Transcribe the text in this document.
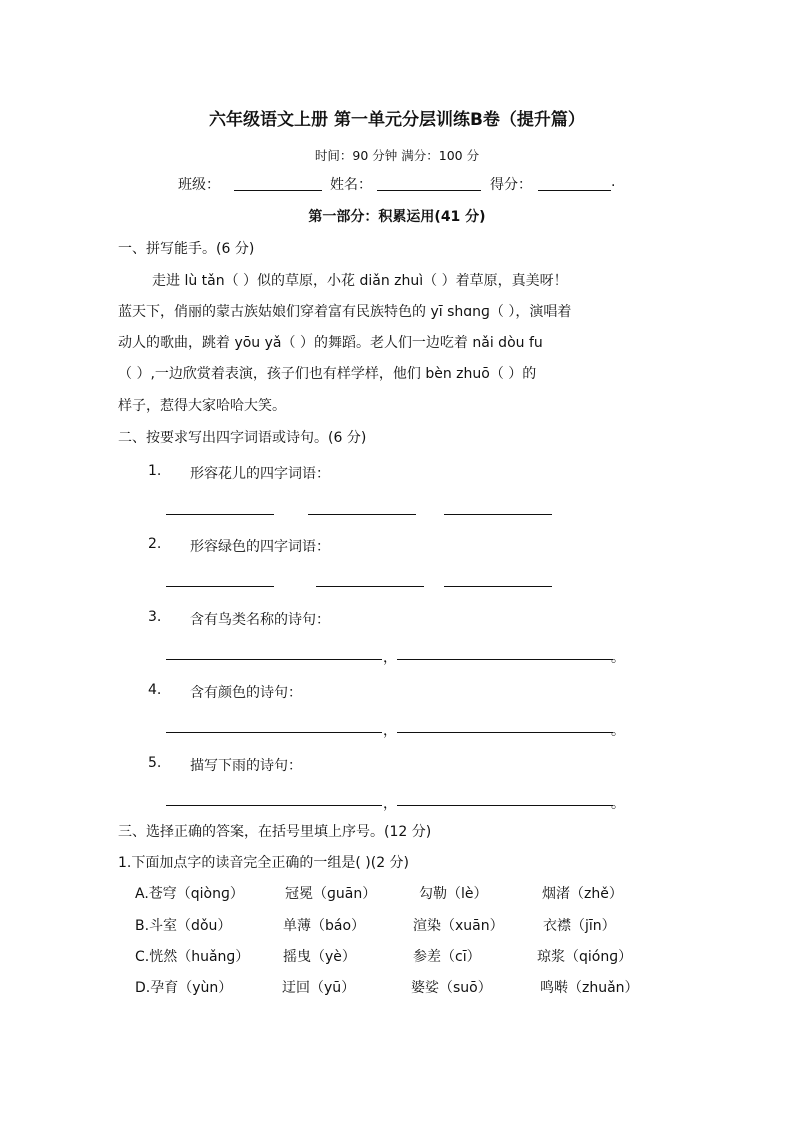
六年级语文上册 第一单元分层训练B卷（提升篇）
时间：90 分钟 满分：100 分
班级：	姓名：	得分：	.
第一部分：积累运用(41 分)
一、拼写能手。(6 分)
走进 lù tǎn（ ）似的草原，小花 diǎn zhuì（ ）着草原，真美呀！
蓝天下，俏丽的蒙古族姑娘们穿着富有民族特色的 yī shɑnɡ（ ），演唱着
动人的歌曲，跳着 yōu yǎ（ ）的舞蹈。老人们一边吃着 nǎi dòu fu
（ ）,一边欣赏着表演，孩子们也有样学样，他们 bèn zhuō（ ）的
样子，惹得大家哈哈大笑。
二、按要求写出四字词语或诗句。(6 分)
1. 形容花儿的四字词语：
2. 形容绿色的四字词语：
3. 含有鸟类名称的诗句：
，	。
4. 含有颜色的诗句：
，	。
5. 描写下雨的诗句：
，	。
三、选择正确的答案，在括号里填上序号。(12 分)
1.下面加点字的读音完全正确的一组是( )(2 分)
A.苍穹（qiònɡ）	冠冕（ɡuān）	勾勒（lè）	烟渚（zhě）
B.斗室（dǒu）	单薄（báo）	渲染（xuān）	衣襟（jīn）
C.恍然（huǎnɡ） 摇曳（yè）	参差（cī）	琼浆（qiónɡ）
D.孕育（yùn）	迂回（yū）	婆娑（suō）	鸣啭（zhuǎn）
